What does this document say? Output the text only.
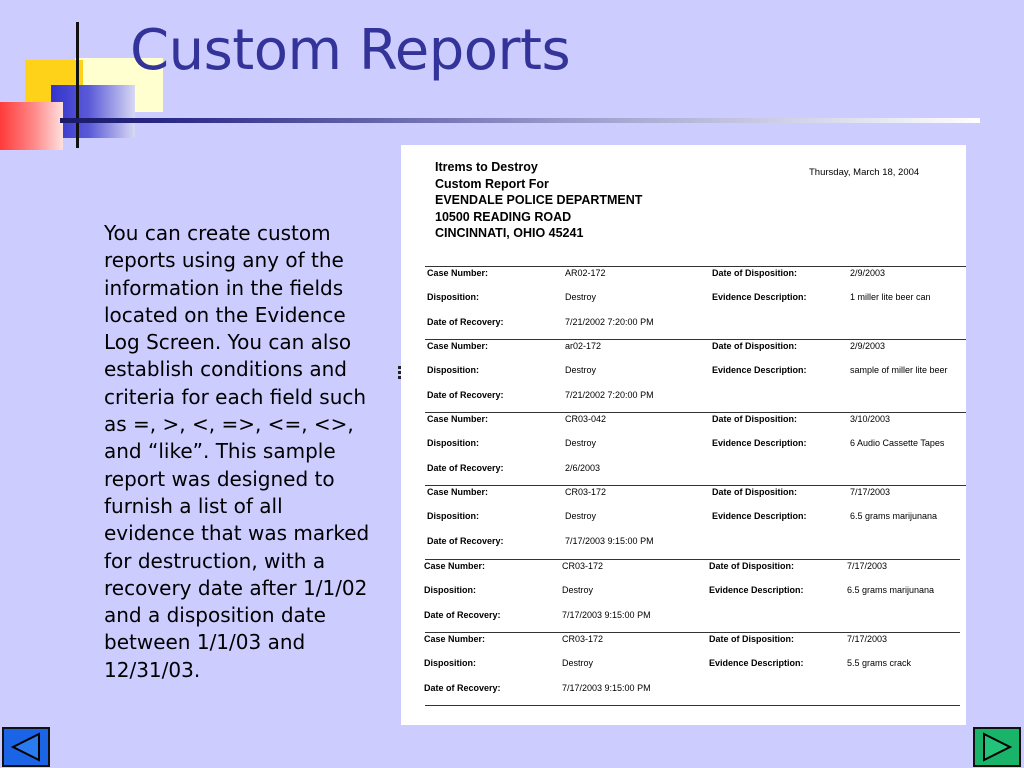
Custom Reports

You can create custom reports using any of the information in the fields located on the Evidence Log Screen. You can also establish conditions and criteria for each field such as =, >, <, =>, <=, <>, and “like”. This sample report was designed to furnish a list of all evidence that was marked for destruction, with a recovery date after 1/1/02 and a disposition date between 1/1/03 and 12/31/03.

Itrems to Destroy
Custom Report For
EVENDALE POLICE DEPARTMENT
10500 READING ROAD
CINCINNATI, OHIO 45241
Thursday, March 18, 2004
Case Number:	AR02-172
Disposition:	Destroy
Date of Recovery:	7/21/2002 7:20:00 PM
Date of Disposition:	2/9/2003
Evidence Description:	1 miller lite beer can
Case Number:	ar02-172
Disposition:	Destroy
Date of Recovery:	7/21/2002 7:20:00 PM
Date of Disposition:	2/9/2003
Evidence Description:	sample of miller lite beer
Case Number:	CR03-042
Disposition:	Destroy
Date of Recovery:	2/6/2003
Date of Disposition:	3/10/2003
Evidence Description:	6 Audio Cassette Tapes
Case Number:	CR03-172
Disposition:	Destroy
Date of Recovery:	7/17/2003 9:15:00 PM
Date of Disposition:	7/17/2003
Evidence Description:	6.5 grams marijunana
Case Number:	CR03-172
Disposition:	Destroy
Date of Recovery:	7/17/2003 9:15:00 PM
Date of Disposition:	7/17/2003
Evidence Description:	6.5 grams marijunana
Case Number:	CR03-172
Disposition:	Destroy
Date of Recovery:	7/17/2003 9:15:00 PM
Date of Disposition:	7/17/2003
Evidence Description:	5.5 grams crack
